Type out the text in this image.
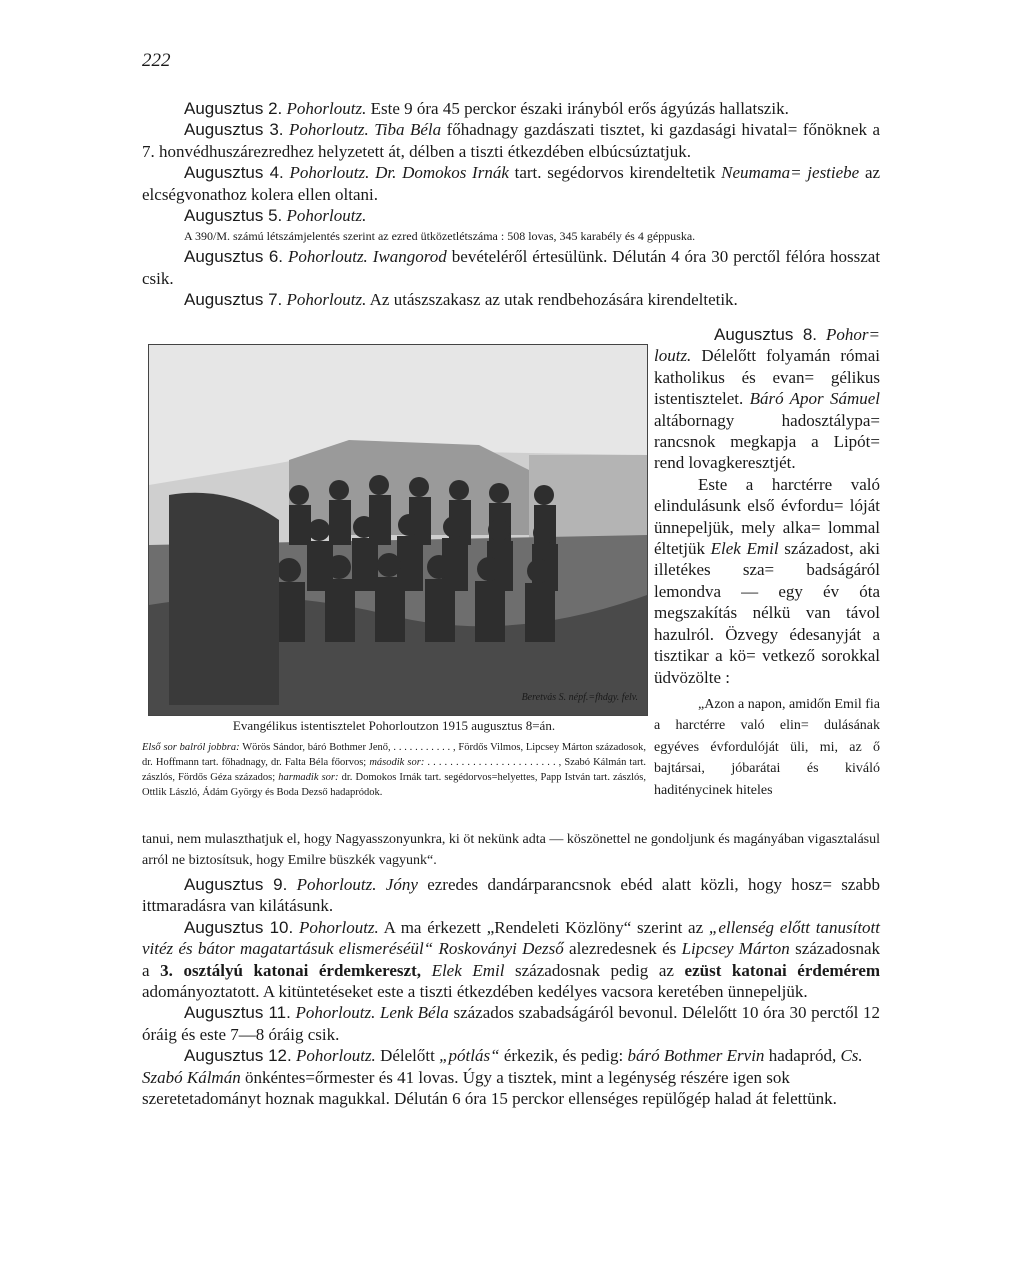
222

Augusztus 2. Pohorloutz. Este 9 óra 45 perckor északi irányból erős ágyúzás hallatszik.

Augusztus 3. Pohorloutz. Tiba Béla főhadnagy gazdászati tisztet, ki gazdasági hivatal= főnöknek a 7. honvédhuszárezredhez helyzetett át, délben a tiszti étkezdében elbúcsúztatjuk.

Augusztus 4. Pohorloutz. Dr. Domokos Irnák tart. segédorvos kirendeltetik Neumama= jestiebe az elcségvonathoz kolera ellen oltani.

Augusztus 5. Pohorloutz.

A 390/M. számú létszámjelentés szerint az ezred ütközetlétszáma : 508 lovas, 345 karabély és 4 géppuska.

Augusztus 6. Pohorloutz. Iwangorod bevételéről értesülünk. Délután 4 óra 30 perctől félóra hosszat csik.

Augusztus 7. Pohorloutz. Az utászszakasz az utak rendbehozására kirendeltetik.

Beretvás S. népf.=fhdgy. felv.
Evangélikus istentisztelet Pohorloutzon 1915 augusztus 8=án.
Első sor balról jobbra: Wörös Sándor, báró Bothmer Jenő, . . . . . . . . . . . , Fördős Vilmos, Lipcsey Márton századosok, dr. Hoffmann tart. főhadnagy, dr. Falta Béla főorvos; második sor: . . . . . . . . . . . . . . . . . . . . . . . , Szabó Kálmán tart. zászlós, Fördős Géza százados; harmadik sor: dr. Domokos Irnák tart. segédorvos=helyettes, Papp István tart. zászlós, Ottlik László, Ádám György és Boda Dezső hadapródok.

Augusztus 8. Pohor= loutz. Délelőtt folyamán római katholikus és evan= gélikus istentisztelet. Báró Apor Sámuel altábornagy hadosztálypa= rancsnok megkapja a Lipót= rend lovagkeresztjét.

Este a harctérre való elindulásunk első évfordu= lóját ünnepeljük, mely alka= lommal éltetjük Elek Emil századost, aki illetékes sza= badságáról lemondva — egy év óta megszakítás nélkü van távol hazulról. Özvegy édesanyját a tisztikar a kö= vetkező sorokkal üdvözölte :

„Azon a napon, amidőn Emil fia a harctérre való elin= dulásának egyéves évfordulóját üli, mi, az ő bajtársai, jóbarátai és kiváló haditénycinek hiteles

tanui, nem mulaszthatjuk el, hogy Nagyasszonyunkra, ki öt nekünk adta — köszönettel ne gondoljunk és magányában vigasztalásul arról ne biztosítsuk, hogy Emilre büszkék vagyunk“.

Augusztus 9. Pohorloutz. Jóny ezredes dandárparancsnok ebéd alatt közli, hogy hosz= szabb ittmaradásra van kilátásunk.

Augusztus 10. Pohorloutz. A ma érkezett „Rendeleti Közlöny“ szerint az „ellenség előtt tanusított vitéz és bátor magatartásuk elismeréséül“ Roskoványi Dezső alezredesnek és Lipcsey Márton századosnak a 3. osztályú katonai érdemkereszt, Elek Emil századosnak pedig az ezüst katonai érdemérem adományoztatott. A kitüntetéseket este a tiszti étkezdében kedélyes vacsora keretében ünnepeljük.

Augusztus 11. Pohorloutz. Lenk Béla százados szabadságáról bevonul. Délelőtt 10 óra 30 perctől 12 óráig és este 7—8 óráig csik.

Augusztus 12. Pohorloutz. Délelőtt „pótlás“ érkezik, és pedig: báró Bothmer Ervin hadapród, Cs. Szabó Kálmán önkéntes=őrmester és 41 lovas. Úgy a tisztek, mint a legénység részére igen sok szeretetadományt hoznak magukkal. Délután 6 óra 15 perckor ellenséges repülőgép halad át felettünk.
